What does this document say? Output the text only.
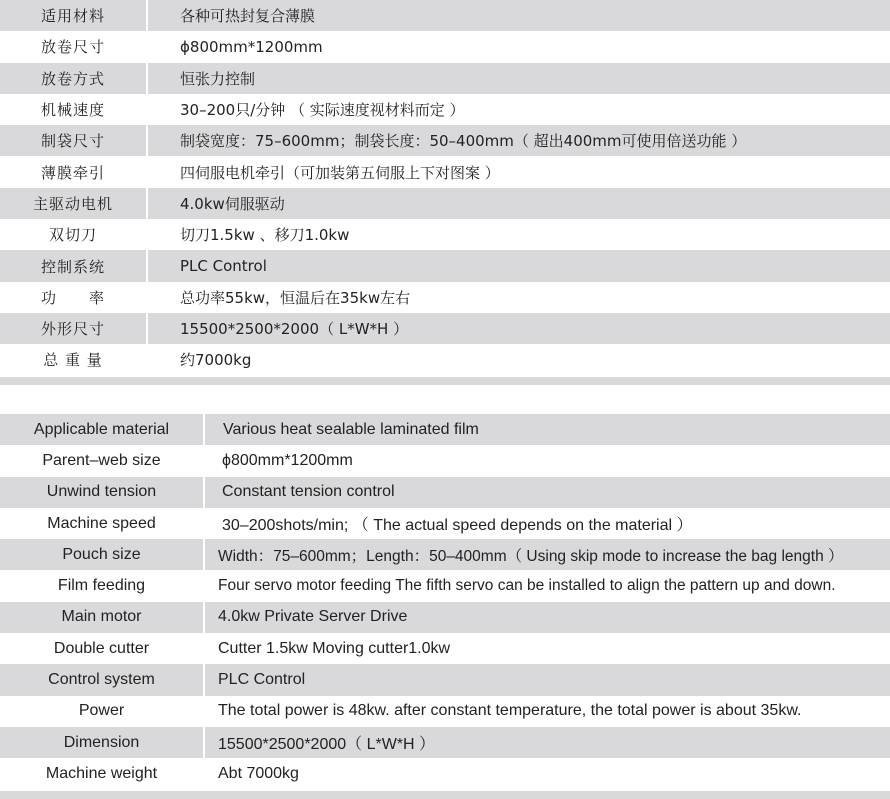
适用材料	各种可热封复合薄膜
放卷尺寸	ϕ800mm*1200mm
放卷方式	恒张力控制
机械速度	30–200只/分钟 （ 实际速度视材料而定 ）
制袋尺寸	制袋宽度：75–600mm；制袋长度：50–400mm（ 超出400mm可使用倍送功能 ）
薄膜牵引	四伺服电机牵引（可加装第五伺服上下对图案 ）
主驱动电机	4.0kw伺服驱动
双切刀	切刀1.5kw 、移刀1.0kw
控制系统	PLC Control
功　　率	总功率55kw，恒温后在35kw左右
外形尺寸	15500*2500*2000（ L*W*H ）
总 重 量	约7000kg
Applicable material	Various heat sealable laminated film
Parent–web size	ϕ800mm*1200mm
Unwind tension	Constant tension control
Machine speed	30–200shots/min; （ The actual speed depends on the material ）
Pouch size	Width：75–600mm；Length：50–400mm（ Using skip mode to increase the bag length ）
Film feeding	Four servo motor feeding The fifth servo can be installed to align the pattern up and down.
Main motor	4.0kw Private Server Drive
Double cutter	Cutter 1.5kw Moving cutter1.0kw
Control system	PLC Control
Power	The total power is 48kw. after constant temperature, the total power is about 35kw.
Dimension	15500*2500*2000（ L*W*H ）
Machine weight	Abt 7000kg
